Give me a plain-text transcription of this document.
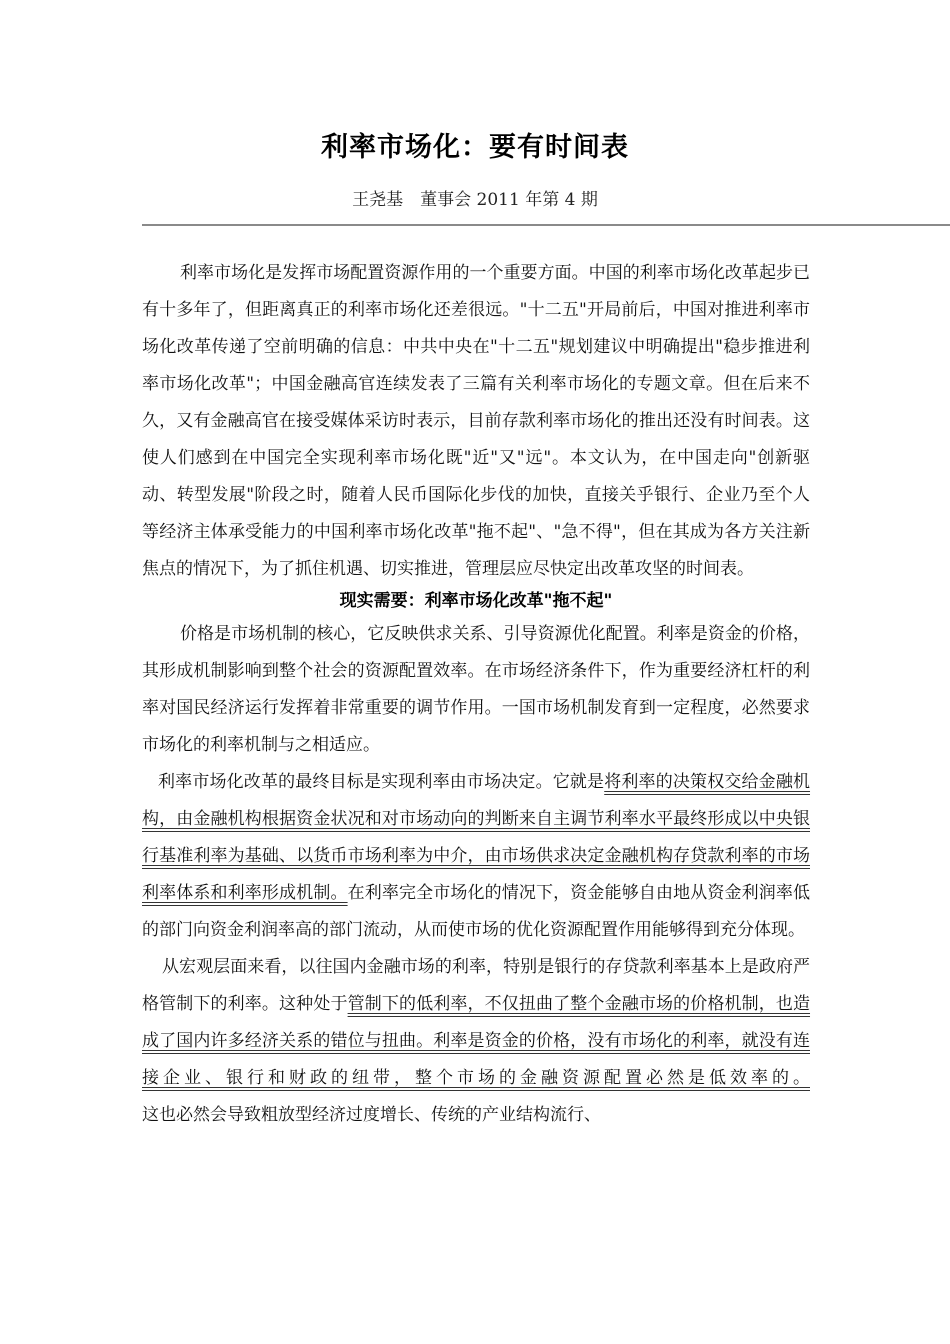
利率市场化：要有时间表
王尧基　董事会 2011 年第 4 期

利率市场化是发挥市场配置资源作用的一个重要方面。中国的利率市场化改革起步已有十多年了，但距离真正的利率市场化还差很远。"十二五"开局前后，中国对推进利率市场化改革传递了空前明确的信息：中共中央在"十二五"规划建议中明确提出"稳步推进利率市场化改革"；中国金融高官连续发表了三篇有关利率市场化的专题文章。但在后来不久，又有金融高官在接受媒体采访时表示，目前存款利率市场化的推出还没有时间表。这使人们感到在中国完全实现利率市场化既"近"又"远"。本文认为，在中国走向"创新驱动、转型发展"阶段之时，随着人民币国际化步伐的加快，直接关乎银行、企业乃至个人等经济主体承受能力的中国利率市场化改革"拖不起"、"急不得"，但在其成为各方关注新焦点的情况下，为了抓住机遇、切实推进，管理层应尽快定出改革攻坚的时间表。

现实需要：利率市场化改革"拖不起"

价格是市场机制的核心，它反映供求关系、引导资源优化配置。利率是资金的价格，其形成机制影响到整个社会的资源配置效率。在市场经济条件下，作为重要经济杠杆的利率对国民经济运行发挥着非常重要的调节作用。一国市场机制发育到一定程度，必然要求市场化的利率机制与之相适应。

利率市场化改革的最终目标是实现利率由市场决定。它就是将利率的决策权交给金融机构，由金融机构根据资金状况和对市场动向的判断来自主调节利率水平最终形成以中央银行基准利率为基础、以货币市场利率为中介，由市场供求决定金融机构存贷款利率的市场利率体系和利率形成机制。在利率完全市场化的情况下，资金能够自由地从资金利润率低的部门向资金利润率高的部门流动，从而使市场的优化资源配置作用能够得到充分体现。

从宏观层面来看，以往国内金融市场的利率，特别是银行的存贷款利率基本上是政府严格管制下的利率。这种处于管制下的低利率，不仅扭曲了整个金融市场的价格机制，也造成了国内许多经济关系的错位与扭曲。利率是资金的价格，没有市场化的利率，就没有连接企业、银行和财政的纽带，整个市场的金融资源配置必然是低效率的。这也必然会导致粗放型经济过度增长、传统的产业结构流行、
